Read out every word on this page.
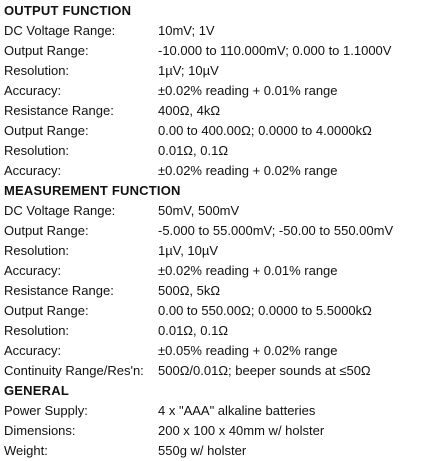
OUTPUT FUNCTION
DC Voltage Range:	10mV; 1V
Output Range:	-10.000 to 110.000mV; 0.000 to 1.1000V
Resolution:	1µV; 10µV
Accuracy:	±0.02% reading + 0.01% range
Resistance Range:	400Ω, 4kΩ
Output Range:	0.00 to 400.00Ω; 0.0000 to 4.0000kΩ
Resolution:	0.01Ω, 0.1Ω
Accuracy:	±0.02% reading + 0.02% range
MEASUREMENT FUNCTION
DC Voltage Range:	50mV, 500mV
Output Range:	-5.000 to 55.000mV; -50.00 to 550.00mV
Resolution:	1µV, 10µV
Accuracy:	±0.02% reading + 0.01% range
Resistance Range:	500Ω, 5kΩ
Output Range:	0.00 to 550.00Ω; 0.0000 to 5.5000kΩ
Resolution:	0.01Ω, 0.1Ω
Accuracy:	±0.05% reading + 0.02% range
Continuity Range/Res'n:	500Ω/0.01Ω; beeper sounds at ≤50Ω
GENERAL
Power Supply:	4 x "AAA" alkaline batteries
Dimensions:	200 x 100 x 40mm w/ holster
Weight:	550g w/ holster
